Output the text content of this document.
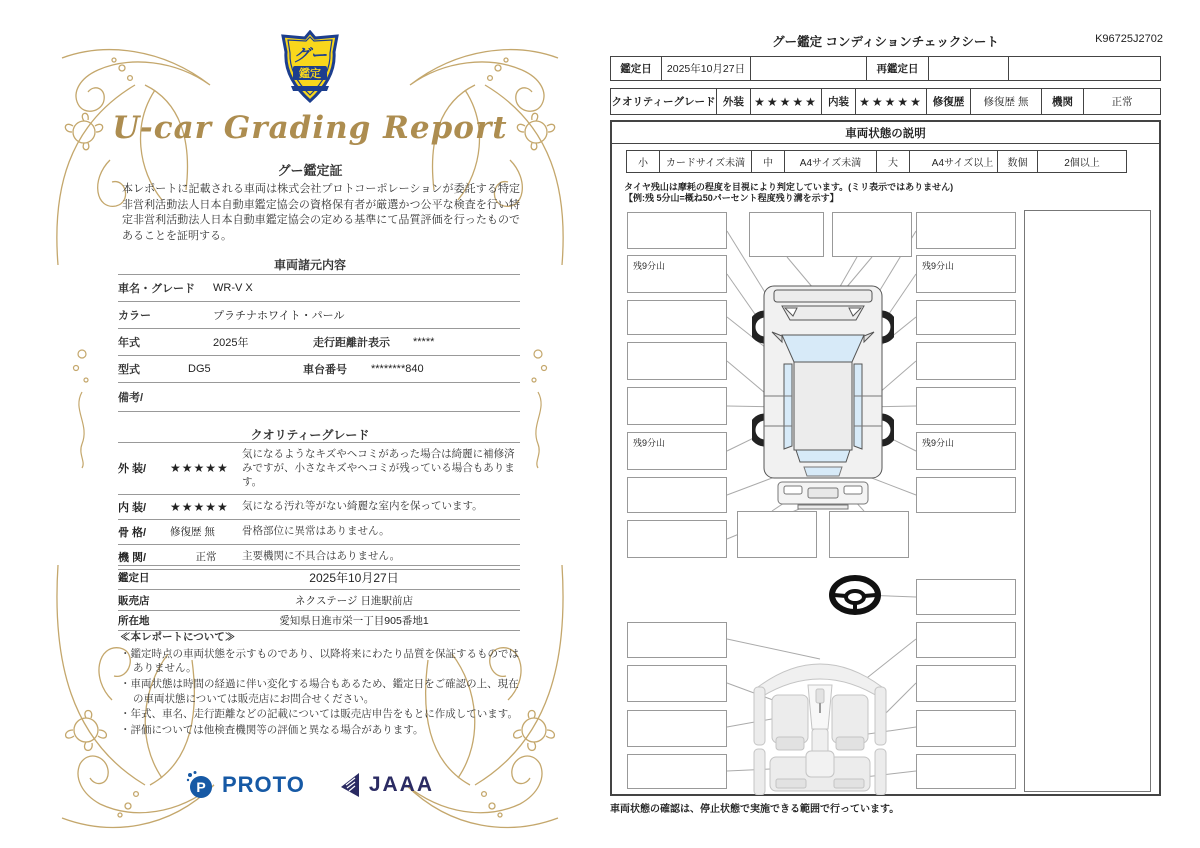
グー
鑑定
U-car Grading Report
グー鑑定証
本レポートに記載される車両は株式会社プロトコーポレーションが委託する特定非営利活動法人日本自動車鑑定協会の資格保有者が厳選かつ公平な検査を行い特定非営利活動法人日本自動車鑑定協会の定める基準にて品質評価を行ったものであることを証明する。
車両諸元内容
車名・グレード	WR-V X
カラー	プラチナホワイト・パール
年式	2025年	走行距離計表示	*****
型式	DG5	車台番号	********840
備考/
クオリティーグレード
外 装/	★★★★★
気になるようなキズやヘコミがあった場合は綺麗に補修済みですが、小さなキズやヘコミが残っている場合もあります。
内 装/	★★★★★	気になる汚れ等がない綺麗な室内を保っています。
骨 格/	修復歴 無	骨格部位に異常はありません。
機 関/	正常	主要機関に不具合はありません。
鑑定日	2025年10月27日
販売店	ネクステージ 日進駅前店
所在地	愛知県日進市栄一丁目905番地1
≪本レポートについて≫
・ 鑑定時点の車両状態を示すものであり、以降将来にわたり品質を保証するものではありません。
・ 車両状態は時間の経過に伴い変化する場合もあるため、鑑定日をご確認の上、現在の車両状態については販売店にお問合せください。
・ 年式、車名、走行距離などの記載については販売店申告をもとに作成しています。
・ 評価については他検査機関等の評価と異なる場合があります。
P PROTO	JAAA
グー鑑定 コンディションチェックシート	K96725J2702
鑑定日	2025年10月27日	再鑑定日
クオリティーグレード 外装 ★★★★★ 内装 ★★★★★ 修復歴	修復歴 無	機関	正常
車両状態の説明
小	カードサイズ未満	中	A4サイズ未満	大	A4サイズ以上	数個	2個以上
タイヤ残山は摩耗の程度を目視により判定しています。(ミリ表示ではありません)
【例:残 5分山=概ね50パーセント程度残り溝を示す】
残9分山
残9分山
残9分山
残9分山
車両状態の確認は、停止状態で実施できる範囲で行っています。
